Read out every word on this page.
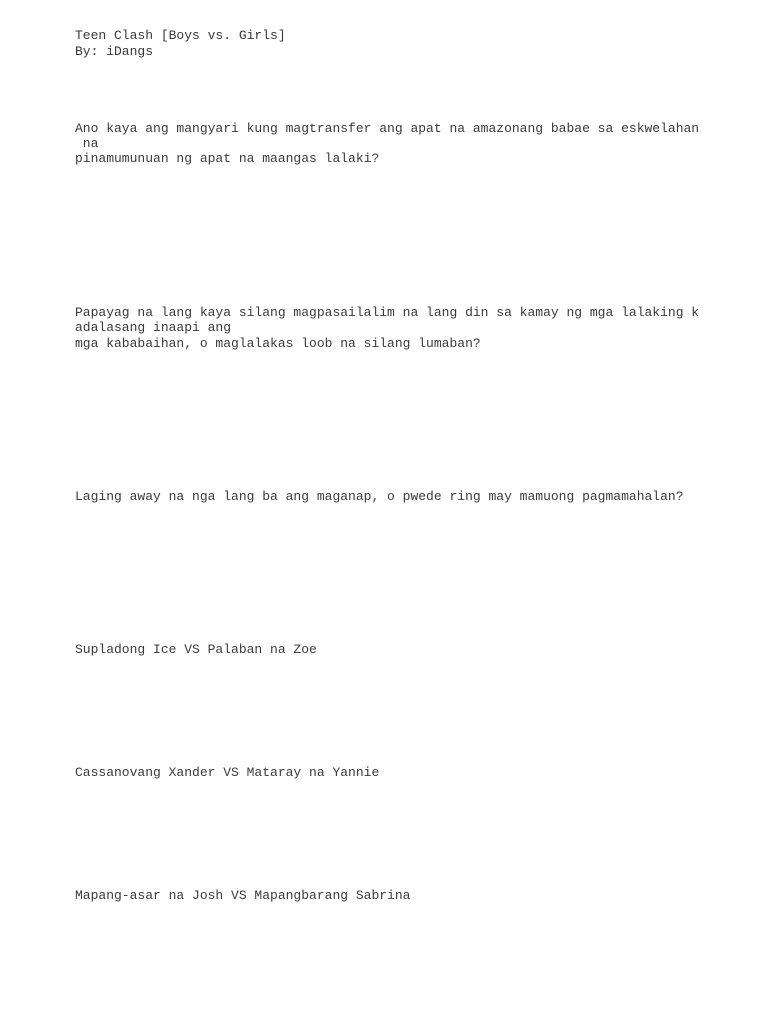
Teen Clash [Boys vs. Girls]
By: iDangs
Ano kaya ang mangyari kung magtransfer ang apat na amazonang babae sa eskwelahan
na
pinamumunuan ng apat na maangas lalaki?
Papayag na lang kaya silang magpasailalim na lang din sa kamay ng mga lalaking k
adalasang inaapi ang
mga kababaihan, o maglalakas loob na silang lumaban?
Laging away na nga lang ba ang maganap, o pwede ring may mamuong pagmamahalan?
Supladong Ice VS Palaban na Zoe
Cassanovang Xander VS Mataray na Yannie
Mapang-asar na Josh VS Mapangbarang Sabrina
